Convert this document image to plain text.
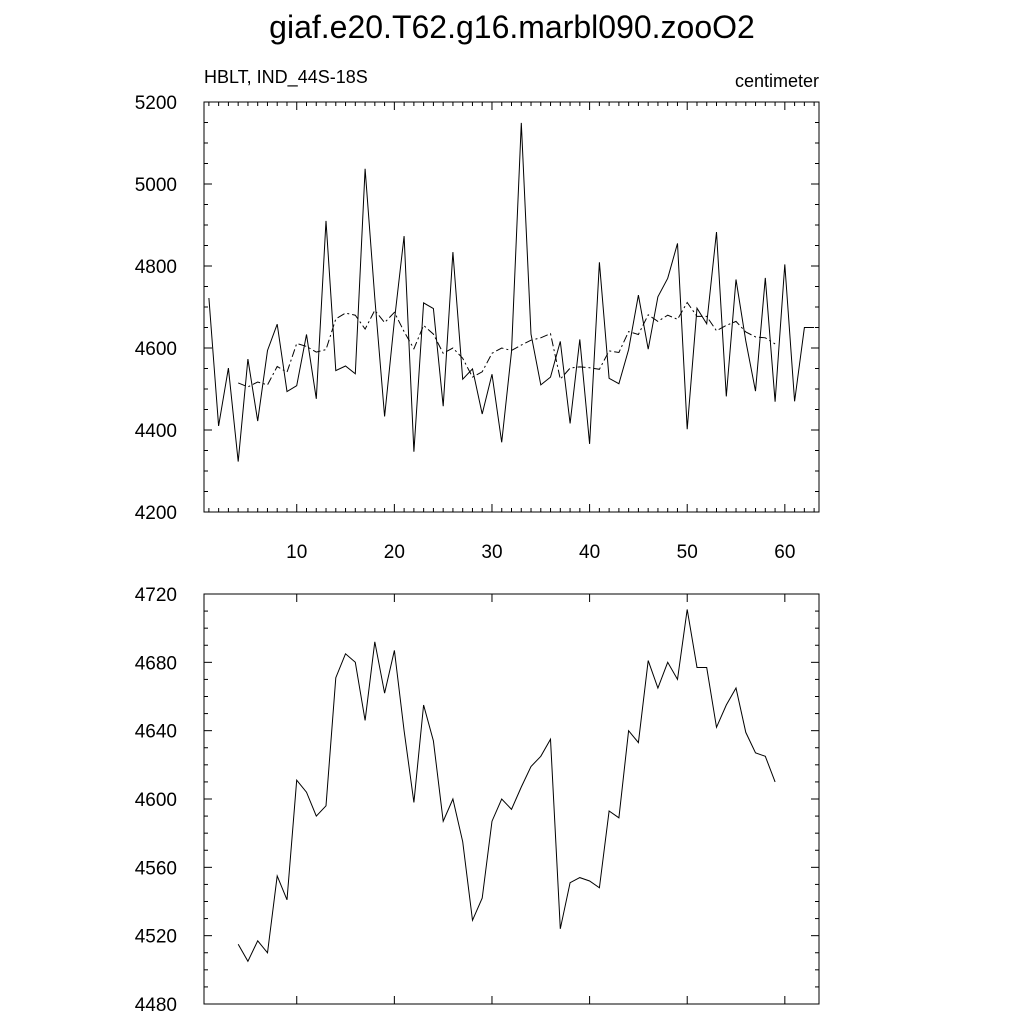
giaf.e20.T62.g16.marbl090.zooO2
HBLT, IND_44S-18S	centimeter
4200
4400
4600
4800
5000
5200
10	20	30	40	50	60
4480
4520
4560
4600
4640
4680
4720
